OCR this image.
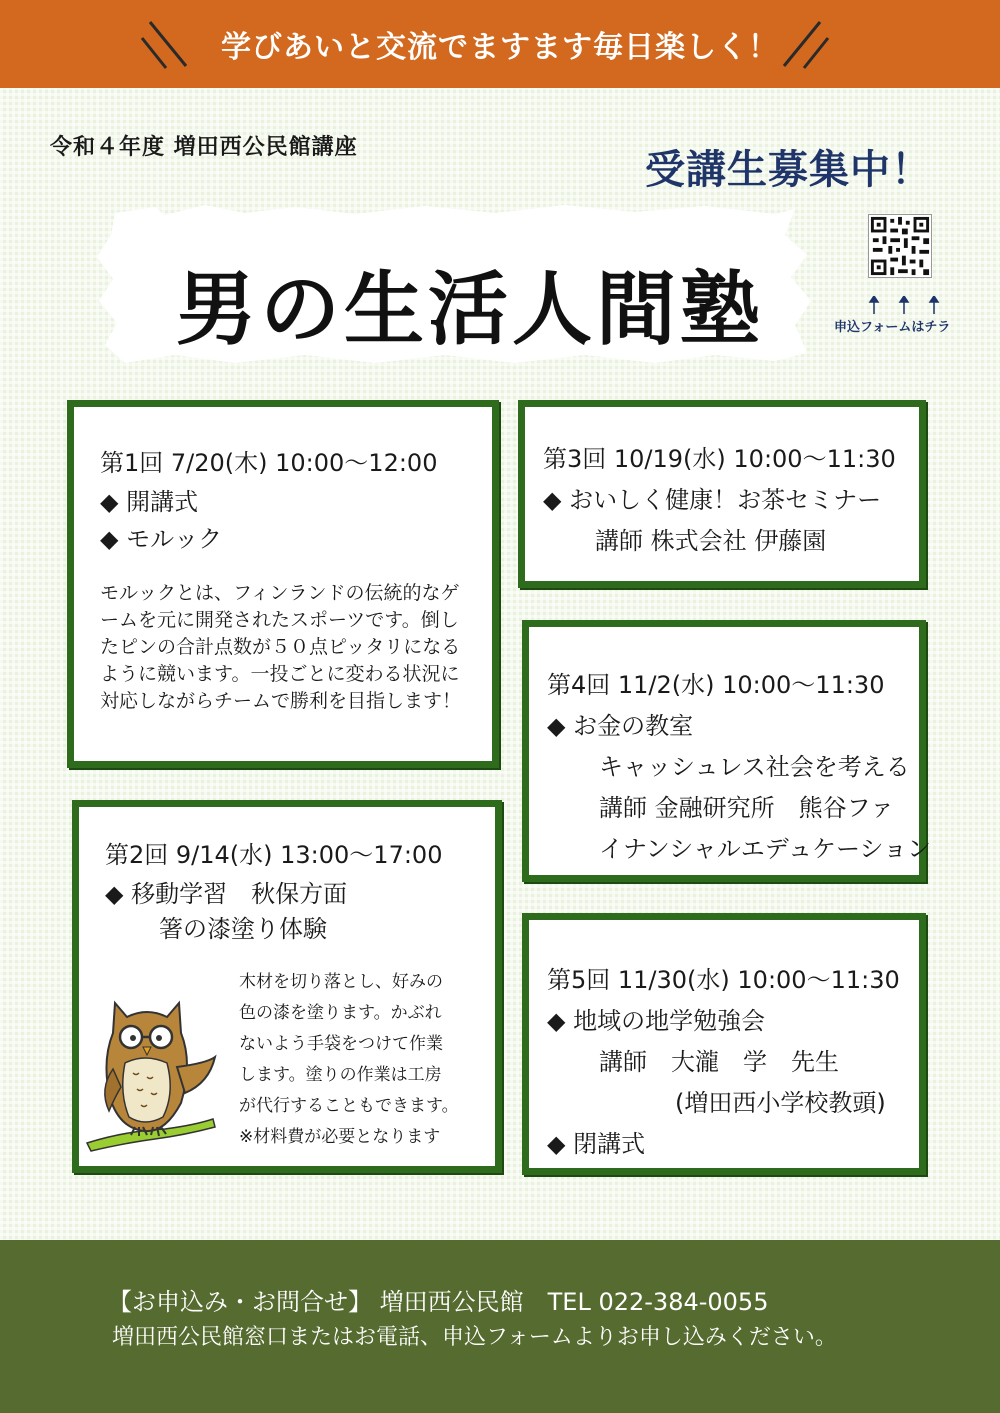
学びあいと交流でますます毎日楽しく！
令和４年度 増田西公民館講座	受講生募集中！
男の生活人間塾	申込フォームはチラ
第1回 7/20(木) 10:00～12:00
◆ 開講式
◆ モルック
モルックとは、フィンランドの伝統的なゲームを元に開発されたスポーツです。倒したピンの合計点数が５０点ピッタリになるように競います。一投ごとに変わる状況に対応しながらチームで勝利を目指します！
第2回 9/14(水) 13:00～17:00
◆ 移動学習　秋保方面
箸の漆塗り体験
木材を切り落とし、好みの
色の漆を塗ります。かぶれ
ないよう手袋をつけて作業
します。塗りの作業は工房
が代行することもできます。
※材料費が必要となります
第3回 10/19(水) 10:00～11:30
◆ おいしく健康！お茶セミナー
講師 株式会社 伊藤園
第4回 11/2(水) 10:00～11:30
◆ お金の教室
キャッシュレス社会を考える
講師 金融研究所　熊谷ファ
イナンシャルエデュケーション
第5回 11/30(水) 10:00～11:30
◆ 地域の地学勉強会
講師　大瀧　学　先生
(増田西小学校教頭)
◆ 閉講式
【お申込み・お問合せ】 増田西公民館　TEL 022-384-0055
増田西公民館窓口またはお電話、申込フォームよりお申し込みください。
